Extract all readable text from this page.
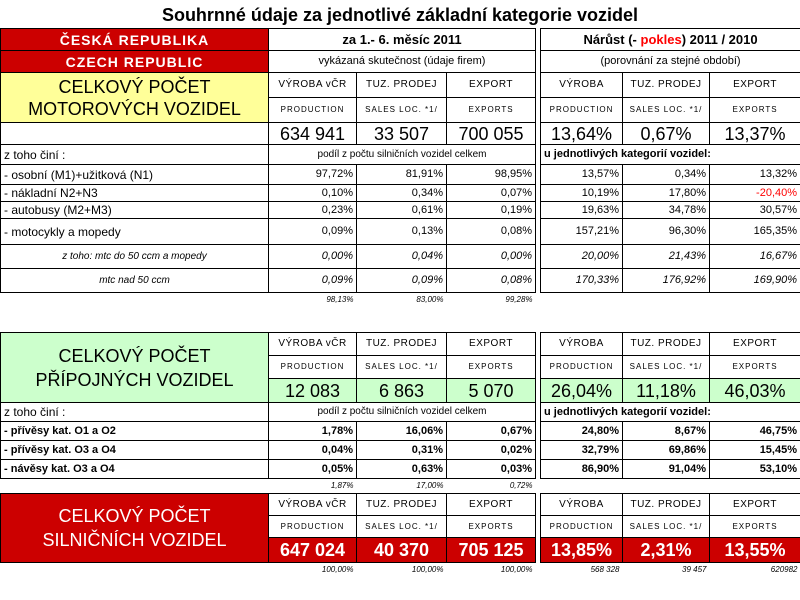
Souhrnné údaje za jednotlivé základní kategorie vozidel
ČESKÁ REPUBLIKA	za 1.- 6. měsíc 2011				Nárůst (- pokles) 2011 / 2010		
CZECH REPUBLIC	vykázaná skutečnost (údaje firem)				(porovnání za stejné období)		

CELKOVÝ POČET
MOTOROVÝCH VOZIDEL	VÝROBA vČR	TUZ. PRODEJ	EXPORT		VÝROBA	TUZ. PRODEJ	EXPORT
	PRODUCTION	SALES LOC. *1/	EXPORTS		PRODUCTION	SALES LOC. *1/	EXPORTS
	634 941	33 507	700 055		13,64%	0,67%	13,37%
z toho činí :	podíl z počtu silničních vozidel celkem				u jednotlivých kategorií vozidel:		
- osobní (M1)+užitková (N1)	97,72%	81,91%	98,95%		13,57%	0,34%	13,32%
- nákladní N2+N3	0,10%	0,34%	0,07%		10,19%	17,80%	-20,40%
- autobusy (M2+M3)	0,23%	0,61%	0,19%		19,63%	34,78%	30,57%
- motocykly a mopedy	0,09%	0,13%	0,08%		157,21%	96,30%	165,35%
z toho: mtc do 50 ccm a mopedy	0,00%	0,04%	0,00%		20,00%	21,43%	16,67%
mtc nad 50 ccm	0,09%	0,09%	0,08%		170,33%	176,92%	169,90%
	98,13%	83,00%	99,28%				
CELKOVÝ POČET
PŘÍPOJNÝCH VOZIDEL	VÝROBA vČR	TUZ. PRODEJ	EXPORT		VÝROBA	TUZ. PRODEJ	EXPORT
	PRODUCTION	SALES LOC. *1/	EXPORTS		PRODUCTION	SALES LOC. *1/	EXPORTS
	12 083	6 863	5 070		26,04%	11,18%	46,03%
z toho činí :	podíl z počtu silničních vozidel celkem				u jednotlivých kategorií vozidel:		
- přívěsy kat. O1 a O2	1,78%	16,06%	0,67%		24,80%	8,67%	46,75%
- přívěsy kat. O3 a O4	0,04%	0,31%	0,02%		32,79%	69,86%	15,45%
- návěsy kat. O3 a O4	0,05%	0,63%	0,03%		86,90%	91,04%	53,10%
	1,87%	17,00%	0,72%				
CELKOVÝ POČET
SILNIČNÍCH VOZIDEL	VÝROBA vČR	TUZ. PRODEJ	EXPORT		VÝROBA	TUZ. PRODEJ	EXPORT
	PRODUCTION	SALES LOC. *1/	EXPORTS		PRODUCTION	SALES LOC. *1/	EXPORTS
	647 024	40 370	705 125		13,85%	2,31%	13,55%
	100,00%	100,00%	100,00%		568 328	39 457	620982
